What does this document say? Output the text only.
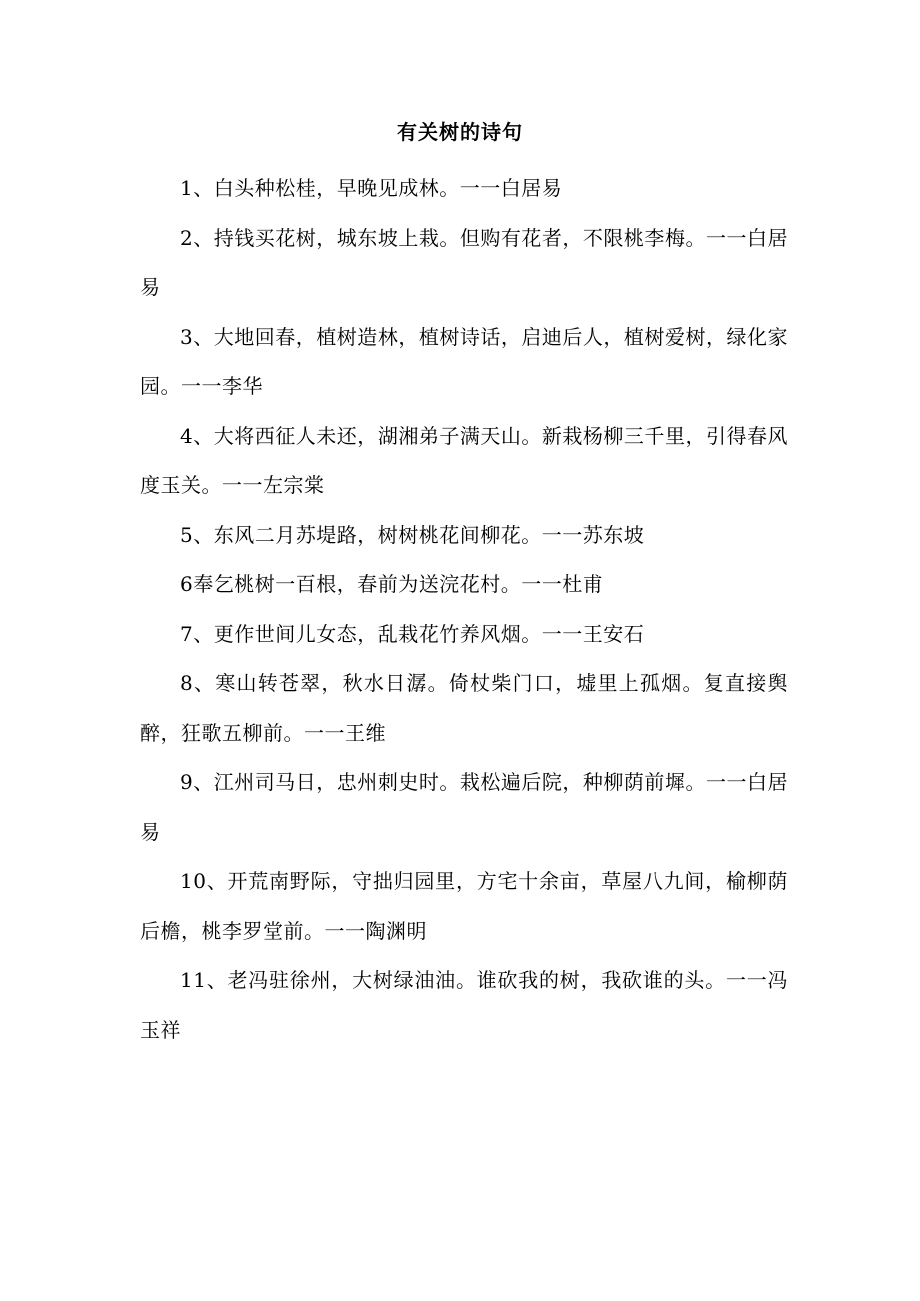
有关树的诗句

1、白头种松桂，早晚见成林。一一白居易

2、持钱买花树，城东坡上栽。但购有花者，不限桃李梅。一一白居易

3、大地回春，植树造林，植树诗话，启迪后人，植树爱树，绿化家园。一一李华

4、大将西征人未还，湖湘弟子满天山。新栽杨柳三千里，引得春风度玉关。一一左宗棠

5、东风二月苏堤路，树树桃花间柳花。一一苏东坡

6奉乞桃树一百根，春前为送浣花村。一一杜甫

7、更作世间儿女态，乱栽花竹养风烟。一一王安石

8、寒山转苍翠，秋水日潺。倚杖柴门口，墟里上孤烟。复直接舆醉，狂歌五柳前。一一王维

9、江州司马日，忠州刺史时。栽松遍后院，种柳荫前墀。一一白居易

10、开荒南野际，守拙归园里，方宅十余亩，草屋八九间，榆柳荫后檐，桃李罗堂前。一一陶渊明

11、老冯驻徐州，大树绿油油。谁砍我的树，我砍谁的头。一一冯玉祥
